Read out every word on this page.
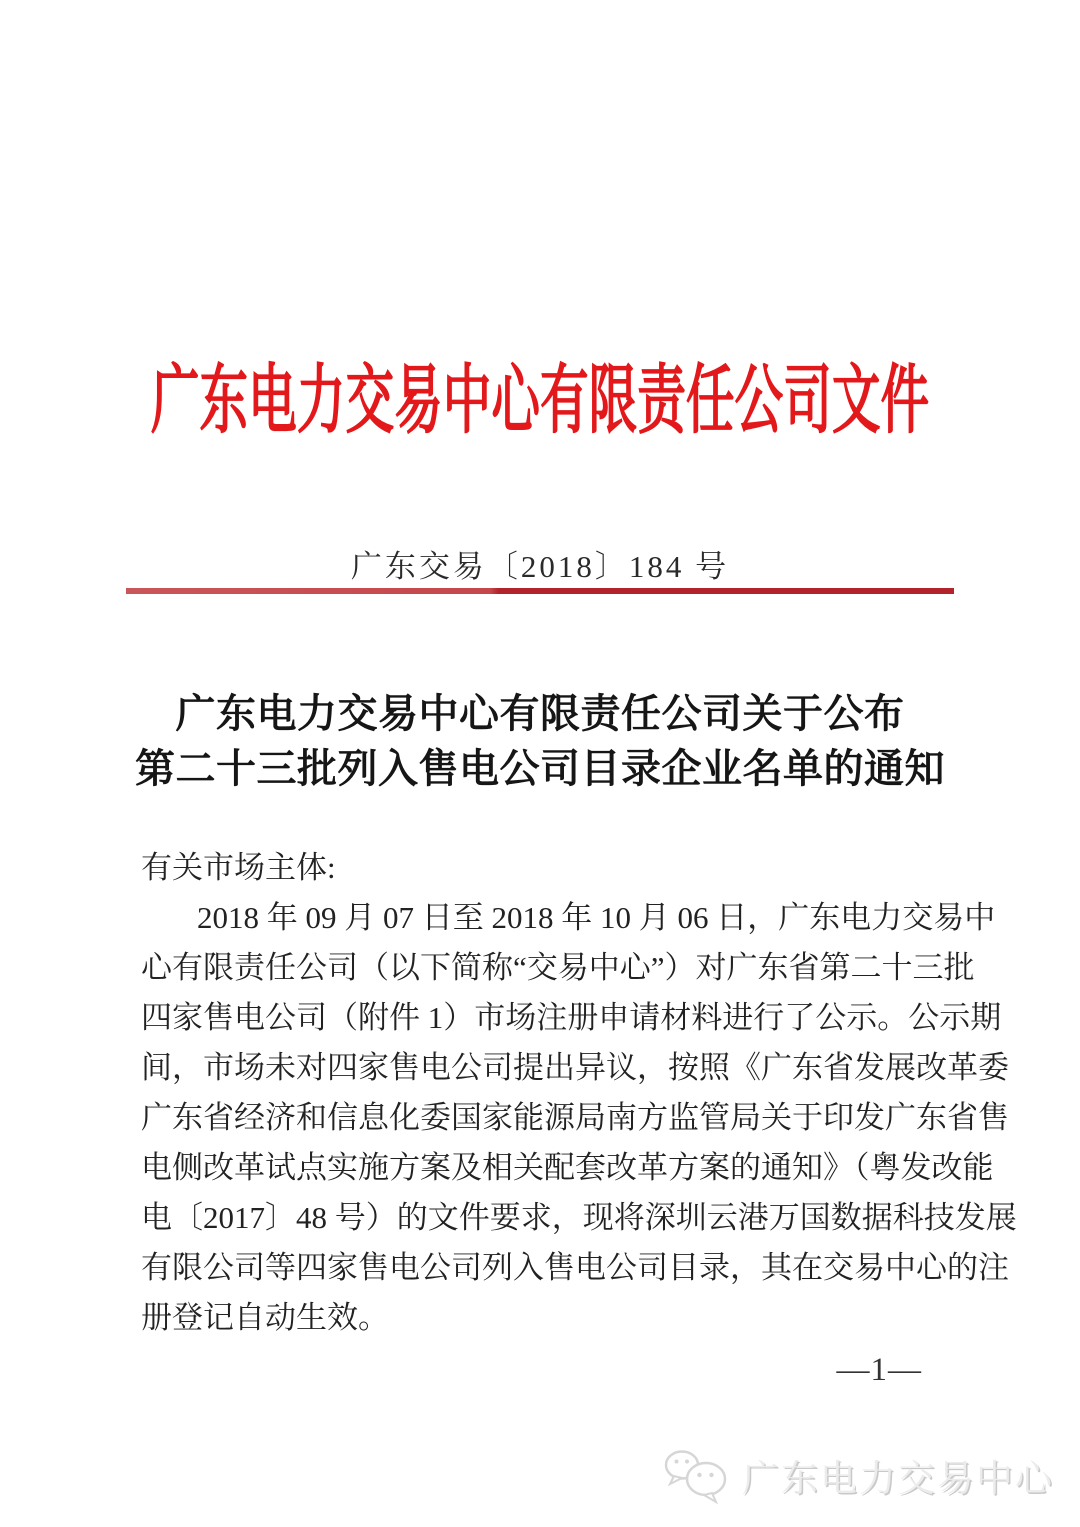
广东电力交易中心有限责任公司文件
广东交易〔2018〕184 号
广东电力交易中心有限责任公司关于公布
第二十三批列入售电公司目录企业名单的通知
有关市场主体:
2018 年 09 月 07 日至 2018 年 10 月 06 日，广东电力交易中
心有限责任公司（以下简称“交易中心”）对广东省第二十三批
四家售电公司（附件 1）市场注册申请材料进行了公示。公示期
间，市场未对四家售电公司提出异议，按照《广东省发展改革委
广东省经济和信息化委国家能源局南方监管局关于印发广东省售
电侧改革试点实施方案及相关配套改革方案的通知》（粤发改能
电〔2017〕48 号）的文件要求，现将深圳云港万国数据科技发展
有限公司等四家售电公司列入售电公司目录，其在交易中心的注
册登记自动生效。
—1—
广东电力交易中心
